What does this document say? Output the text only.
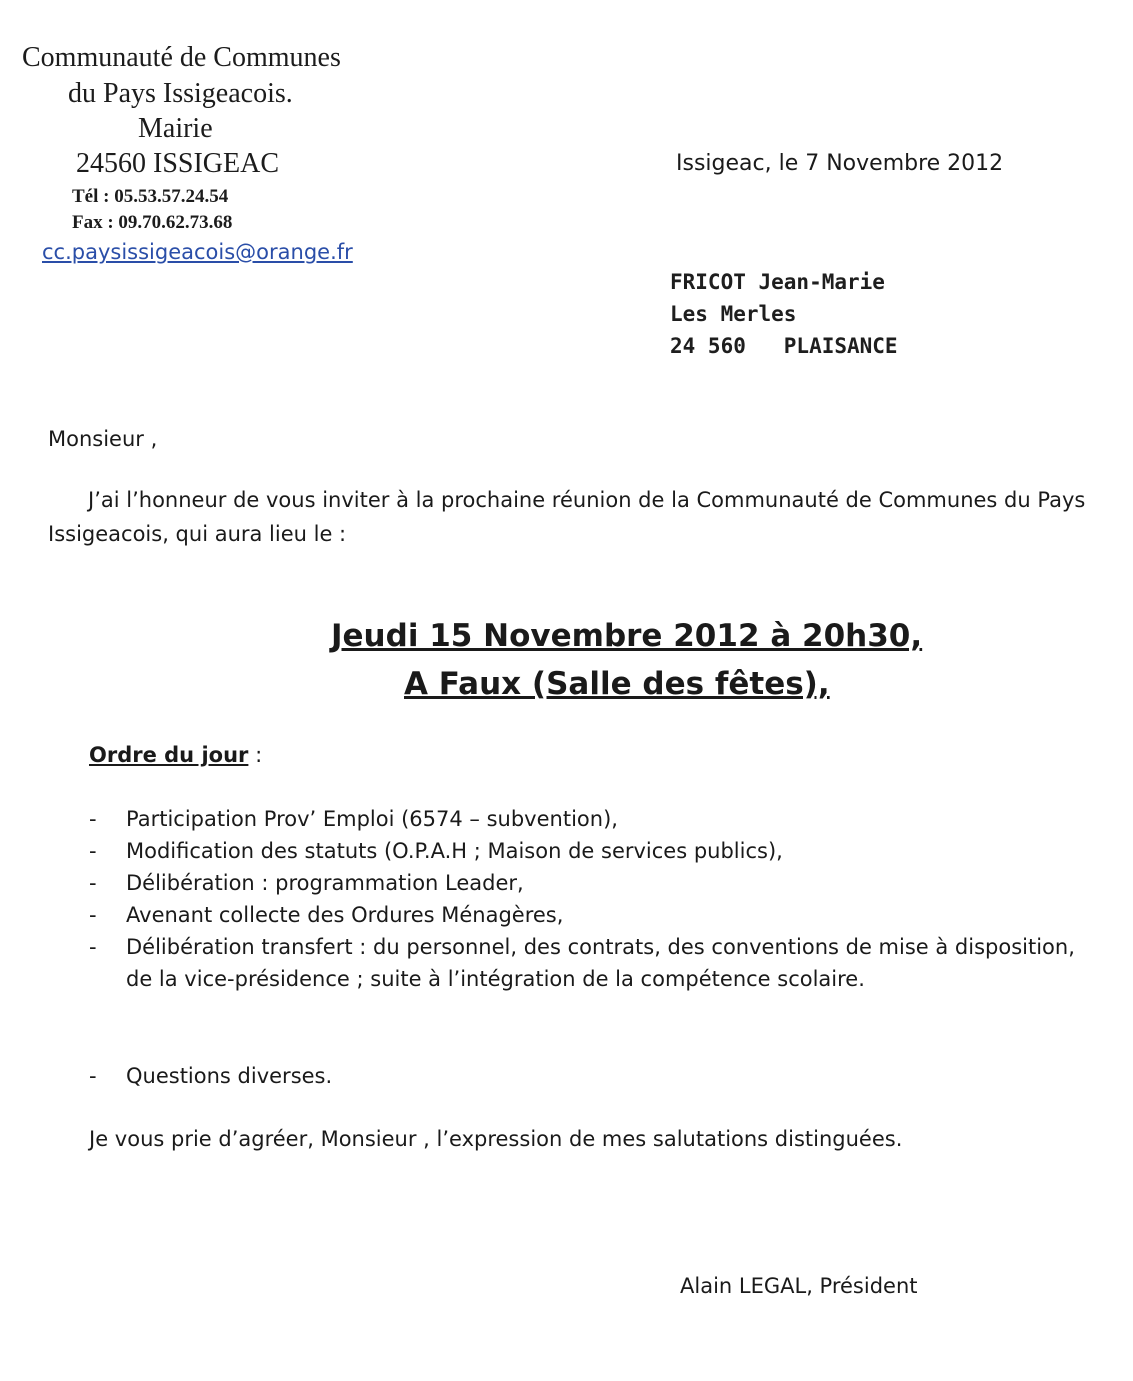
Communauté de Communes
du Pays Issigeacois.
Mairie
24560 ISSIGEAC
Tél : 05.53.57.24.54
Fax : 09.70.62.73.68
cc.paysissigeacois@orange.fr
Issigeac, le 7 Novembre 2012
FRICOT Jean-Marie
Les Merles
24 560   PLAISANCE
Monsieur ,
J’ai l’honneur de vous inviter à la prochaine réunion de la Communauté de Communes du Pays
Issigeacois, qui aura lieu le :
Jeudi 15 Novembre 2012 à 20h30,
A Faux (Salle des fêtes),
Ordre du jour :
- Participation Prov’ Emploi (6574 – subvention),
- Modification des statuts (O.P.A.H ; Maison de services publics),
- Délibération : programmation Leader,
- Avenant collecte des Ordures Ménagères,
- Délibération transfert : du personnel, des contrats, des conventions de mise à disposition,
de la vice-présidence ; suite à l’intégration de la compétence scolaire.
- Questions diverses.
Je vous prie d’agréer, Monsieur , l’expression de mes salutations distinguées.
Alain LEGAL, Président
